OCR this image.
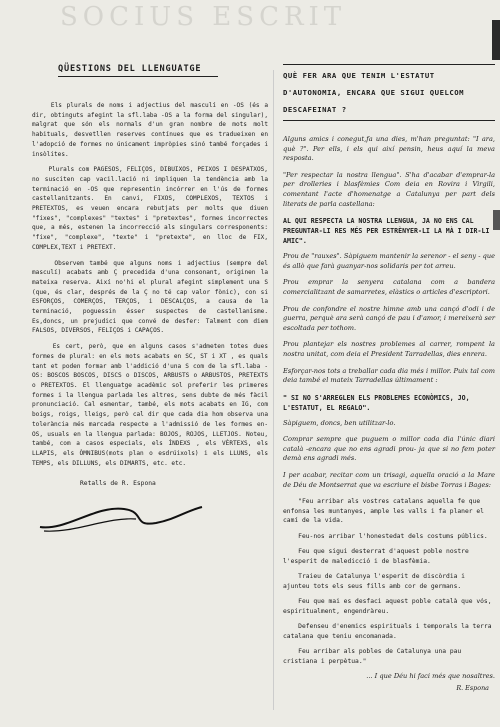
SOCIUS ESCRIT
QÜESTIONS DEL LLENGUATGE

Els plurals de noms i adjectius del masculí en -OS (és a dir, obtinguts afegint la sfl.laba -OS a la forma del singular), malgrat que són els normals d'un gran nombre de mots molt habituals, desvetllen reserves contínues que es tradueixen en l'adopció de formes no únicament impròpies sinó també forçades i insòlites.

Plurals com PAGESOS, FELIÇOS, DIBUIXOS, PEIXOS I DESPATXOS, no susciten cap vacil.lació ni impliquen la tendència amb la terminació en -OS que representin incórrer en l'ús de formes castellanitzants. En canvi, FIXOS, COMPLEXOS, TEXTOS i PRETEXTOS, es veuen encara rebutjats per molts que diuen "fixes", "complexes" "textes" i "pretextes", formes incorrectes que, a més, estenen la incorrecció als singulars corresponents: "fixe", "complexe", "texte" i "pretexte", en lloc de FIX, COMPLEX,TEXT i PRETEXT.

Observem també que alguns noms i adjectius (sempre del masculí) acabats amb Ç precedida d'una consonant, originen la mateixa reserva. Així no'hi el plural afegint simplement una S (que, és clar, després de la Ç no té cap valor fònic), con si ESFORÇOS, COMERÇOS, TERÇOS, i DESCALÇOS, a causa de la terminació, poguessin ésser suspectes de castellanisme. Es,doncs, un prejudici que convé de desfer: Talment com diem FALSOS, DIVERSOS, FELIÇOS i CAPAÇOS.

Es cert, però, que en alguns casos s'admeten totes dues formes de plural: en els mots acabats en SC, ST i XT , es quals tant et poden formar amb l'addició d'una S com de la sfl.laba -OS: BOSCOS BOSCOS, DISCS o DISCOS, ARBUSTS o ARBUSTOS, PRETEXTS o PRETEXTOS. El llenguatge acadèmic sol preferir les primeres formes i la llengua parlada les altres, sens dubte de més fàcil pronunciació. Cal esmentar, també, els mots acabats en IG, com boigs, roigs, lleigs, però cal dir que cada dia hom observa una tolerància més marcada respecte a l'admissió de les formes en-OS, usuals en la llengua parlada: BOJOS, ROJOS, LLETJOS. Noteu, també, com a casos especials, els ÍNDEXS , els VÈRTEXS, els LLAPIS, els ÒMNIBUS(mots plan o esdrúixols) i els LLUNS, els TEMPS, els DILLUNS, els DIMARTS, etc. etc.

Retalls de R. Espona
QUÈ FER ARA QUE TENIM L'ESTATUT D'AUTONOMIA, ENCARA QUE SIGUI QUELCOM DESCAFEINAT ?

Alguns amics i conegut,fa una dies, m'han preguntat: "I ara, què ?". Per ells, i els qui així pensin, heus aquí la meva resposta.

"Per respectar la nostra llengua". S'ha d'acabar d'emprar-la per drolleries i blasfèmies Com deia en Rovira i Virgili, comentant l'acte d'homenatge a Catalunya per part dels literats de parla castellana:

AL QUI RESPECTA LA NOSTRA LLENGUA, JA NO ENS CAL PREGUNTAR-LI RES MÉS PER ESTRÈNYER-LI LA MÀ I DIR-LI AMIC".

Prou de "rauxes". Sàpiguem mantenir la serenor - el seny - que és allò que farà guanyar-nos solidaris per tot arreu.

Prou emprar la senyera catalana com a bandera comercialitzant de samarretes, elàstics o articles d'escriptori.

Prou de confondre el nostre himne amb una cançó d'odi i de guerra, perquè ara serà cançó de pau i d'amor, i mereixerà ser escoltada per tothom.

Prou plantejar els nostres problemes al carrer, rompent la nostra unitat, com deia el President Tarradellas, dies enrera.

Esforçar-nos tots a treballar cada dia més i millor. Puix tal com deia també el mateix Tarradellas últimament :

" SI NO S'ARREGLEN ELS PROBLEMES ECONÒMICS, JO, L'ESTATUT, EL REGALO".

Sàpiguem, doncs, ben utilitzar-lo.

Comprar sempre que puguem o millor cada dia l'únic diari català -encara que no ens agradi prou- ja que si no fem poter demà ens agradi més.

I per acabar, recitar com un trisagi, aquella oració a la Mare de Déu de Montserrat que va escriure el bisbe Torras i Bages:

"Feu arribar als vostres catalans aquella fe que enfonsa les muntanyes, ample les valls i fa planer el camí de la vida.

Feu-nos arribar l'honestedat dels costums públics.

Feu que sigui desterrat d'aquest poble nostre l'esperit de maledicció i de blasfèmia.

Traieu de Catalunya l'esperit de discòrdia i ajunteu tots els seus fills amb cor de germans.

Feu que mai es desfaci aquest poble català que vós, espiritualment, engendràreu.

Defenseu d'enemics espirituals i temporals la terra catalana que teniu encomanada.

Feu arribar als pobles de Catalunya una pau cristiana i perpètua."

... I que Déu hi faci més que nosaltres.

R. Espona
